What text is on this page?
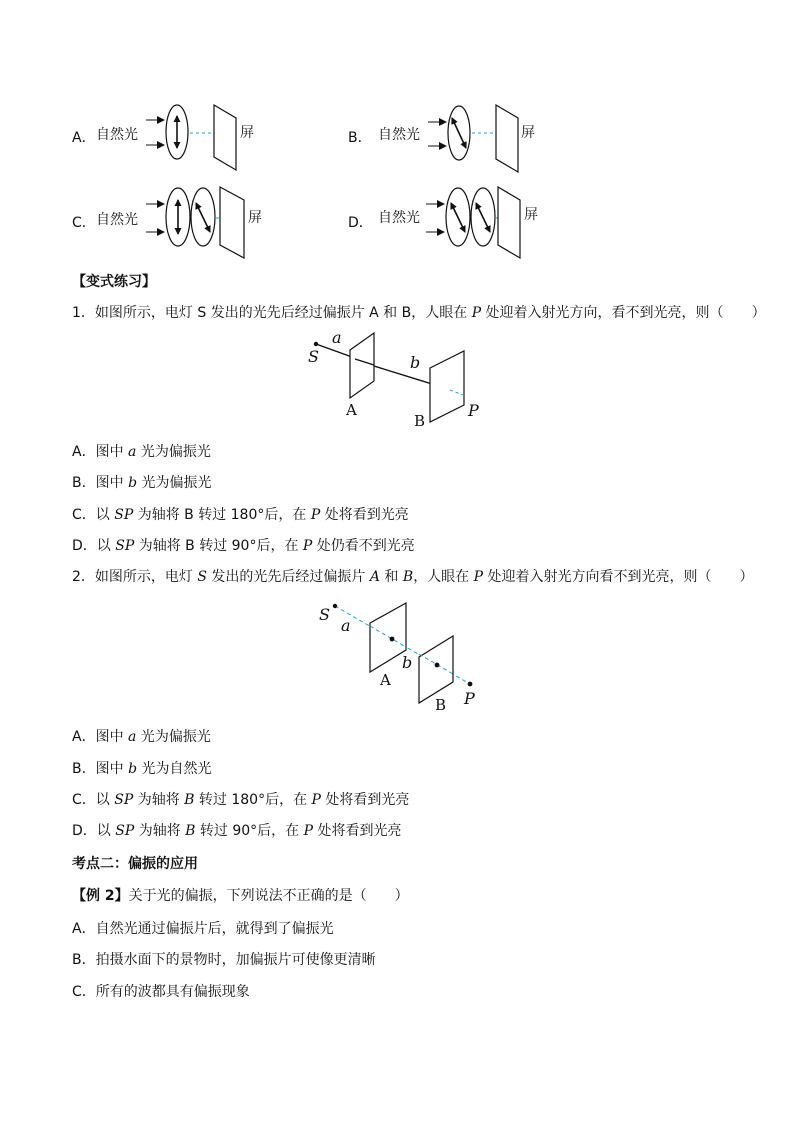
A． 自然光	屏	B． 自然光	屏
C． 自然光	屏	D． 自然光	屏
【变式练习】
1．如图所示，电灯 S 发出的光先后经过偏振片 A 和 B，人眼在 P 处迎着入射光方向，看不到光亮，则（ ）
S
a
b
A
B
P
A．图中 a 光为偏振光
B．图中 b 光为偏振光
C．以 SP 为轴将 B 转过 180°后，在 P 处将看到光亮
D．以 SP 为轴将 B 转过 90°后，在 P 处仍看不到光亮
2．如图所示，电灯 S 发出的光先后经过偏振片 A 和 B，人眼在 P 处迎着入射光方向看不到光亮，则（ ）
S
a
b
A
B P
A．图中 a 光为偏振光
B．图中 b 光为自然光
C．以 SP 为轴将 B 转过 180°后，在 P 处将看到光亮
D．以 SP 为轴将 B 转过 90°后，在 P 处将看到光亮
考点二：偏振的应用
【例 2】关于光的偏振，下列说法不正确的是（ ）
A．自然光通过偏振片后，就得到了偏振光
B．拍摄水面下的景物时，加偏振片可使像更清晰
C．所有的波都具有偏振现象
